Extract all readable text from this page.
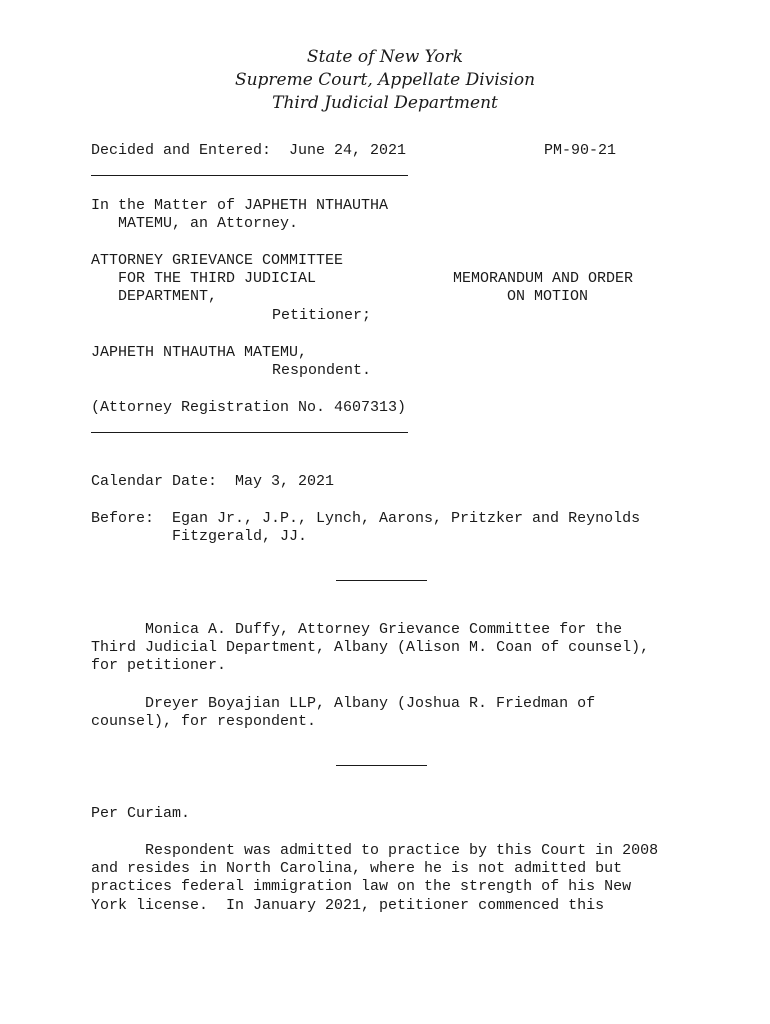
State of New York
Supreme Court, Appellate Division
Third Judicial Department
Decided and Entered:  June 24, 2021	PM-90-21
In the Matter of JAPHETH NTHAUTHA
MATEMU, an Attorney.
ATTORNEY GRIEVANCE COMMITTEE
FOR THE THIRD JUDICIAL
DEPARTMENT,
Petitioner;
MEMORANDUM AND ORDER
ON MOTION
JAPHETH NTHAUTHA MATEMU,
Respondent.
(Attorney Registration No. 4607313)
Calendar Date:  May 3, 2021
Before: Egan Jr., J.P., Lynch, Aarons, Pritzker and Reynolds
Fitzgerald, JJ.
Monica A. Duffy, Attorney Grievance Committee for the
Third Judicial Department, Albany (Alison M. Coan of counsel),
for petitioner.
Dreyer Boyajian LLP, Albany (Joshua R. Friedman of
counsel), for respondent.
Per Curiam.
Respondent was admitted to practice by this Court in 2008
and resides in North Carolina, where he is not admitted but
practices federal immigration law on the strength of his New
York license.  In January 2021, petitioner commenced this
